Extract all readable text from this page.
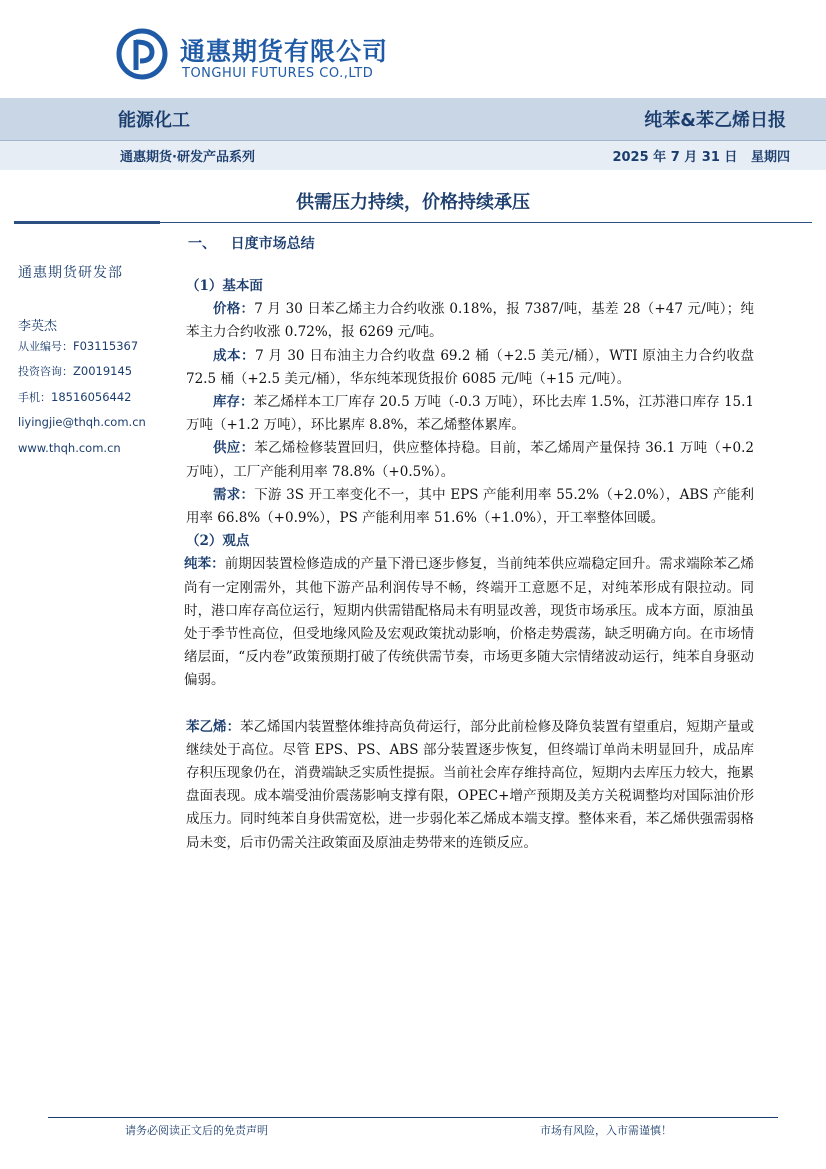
通惠期货有限公司
TONGHUI FUTURES CO.,LTD
能源化工	纯苯&苯乙烯日报
通惠期货·研发产品系列	2025 年 7 月 31 日   星期四
供需压力持续，价格持续承压
一、   日度市场总结
通惠期货研发部
李英杰
从业编号：F03115367
投资咨询：Z0019145
手机：18516056442
liyingjie@thqh.com.cn
www.thqh.com.cn

（1）基本面

价格：7 月 30 日苯乙烯主力合约收涨 0.18%，报 7387/吨，基差 28（+47 元/吨）；纯苯主力合约收涨 0.72%，报 6269 元/吨。

成本：7 月 30 日布油主力合约收盘 69.2 桶（+2.5 美元/桶），WTI 原油主力合约收盘 72.5 桶（+2.5 美元/桶），华东纯苯现货报价 6085 元/吨（+15 元/吨）。

库存：苯乙烯样本工厂库存 20.5 万吨（-0.3 万吨），环比去库 1.5%，江苏港口库存 15.1 万吨（+1.2 万吨），环比累库 8.8%，苯乙烯整体累库。

供应：苯乙烯检修装置回归，供应整体持稳。目前，苯乙烯周产量保持 36.1 万吨（+0.2 万吨），工厂产能利用率 78.8%（+0.5%）。

需求：下游 3S 开工率变化不一，其中 EPS 产能利用率 55.2%（+2.0%），ABS 产能利用率 66.8%（+0.9%），PS 产能利用率 51.6%（+1.0%），开工率整体回暖。

（2）观点

纯苯：前期因装置检修造成的产量下滑已逐步修复，当前纯苯供应端稳定回升。需求端除苯乙烯尚有一定刚需外，其他下游产品利润传导不畅，终端开工意愿不足，对纯苯形成有限拉动。同时，港口库存高位运行，短期内供需错配格局未有明显改善，现货市场承压。成本方面，原油虽处于季节性高位，但受地缘风险及宏观政策扰动影响，价格走势震荡，缺乏明确方向。在市场情绪层面，“反内卷”政策预期打破了传统供需节奏，市场更多随大宗情绪波动运行，纯苯自身驱动偏弱。

苯乙烯：苯乙烯国内装置整体维持高负荷运行，部分此前检修及降负装置有望重启，短期产量或继续处于高位。尽管 EPS、PS、ABS 部分装置逐步恢复，但终端订单尚未明显回升，成品库存积压现象仍在，消费端缺乏实质性提振。当前社会库存维持高位，短期内去库压力较大，拖累盘面表现。成本端受油价震荡影响支撑有限，OPEC+增产预期及美方关税调整均对国际油价形成压力。同时纯苯自身供需宽松，进一步弱化苯乙烯成本端支撑。整体来看，苯乙烯供强需弱格局未变，后市仍需关注政策面及原油走势带来的连锁反应。

请务必阅读正文后的免责声明	市场有风险，入市需谨慎！
